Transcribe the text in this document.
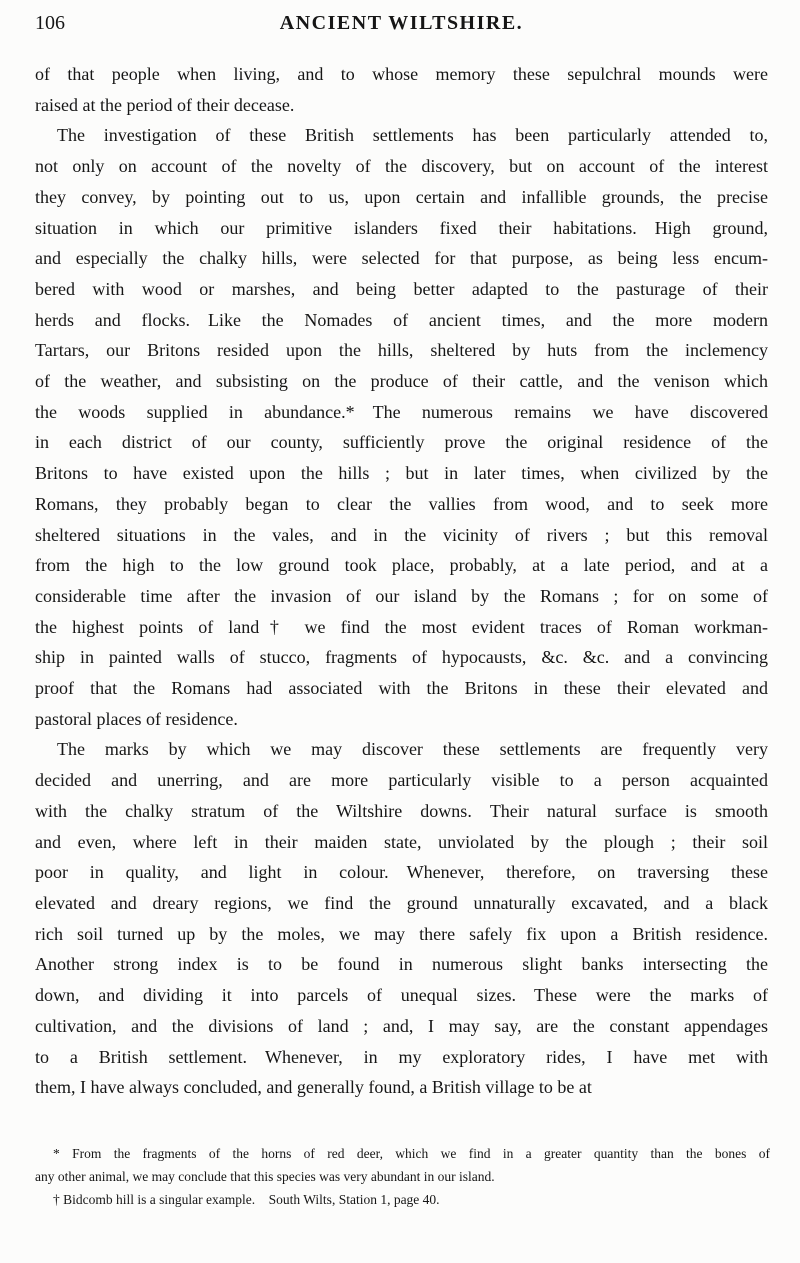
106	ANCIENT WILTSHIRE.
of that people when living, and to whose memory these sepulchral mounds were
raised at the period of their decease.
The investigation of these British settlements has been particularly attended to,
not only on account of the novelty of the discovery, but on account of the interest
they convey, by pointing out to us, upon certain and infallible grounds, the precise
situation in which our primitive islanders fixed their habitations. High ground,
and especially the chalky hills, were selected for that purpose, as being less encum-
bered with wood or marshes, and being better adapted to the pasturage of their
herds and flocks. Like the Nomades of ancient times, and the more modern
Tartars, our Britons resided upon the hills, sheltered by huts from the inclemency
of the weather, and subsisting on the produce of their cattle, and the venison which
the woods supplied in abundance.* The numerous remains we have discovered
in each district of our county, sufficiently prove the original residence of the
Britons to have existed upon the hills ; but in later times, when civilized by the
Romans, they probably began to clear the vallies from wood, and to seek more
sheltered situations in the vales, and in the vicinity of rivers ; but this removal
from the high to the low ground took place, probably, at a late period, and at a
considerable time after the invasion of our island by the Romans ; for on some of
the highest points of land† we find the most evident traces of Roman workman-
ship in painted walls of stucco, fragments of hypocausts, &c. &c. and a convincing
proof that the Romans had associated with the Britons in these their elevated and
pastoral places of residence.
The marks by which we may discover these settlements are frequently very
decided and unerring, and are more particularly visible to a person acquainted
with the chalky stratum of the Wiltshire downs. Their natural surface is smooth
and even, where left in their maiden state, unviolated by the plough ; their soil
poor in quality, and light in colour. Whenever, therefore, on traversing these
elevated and dreary regions, we find the ground unnaturally excavated, and a black
rich soil turned up by the moles, we may there safely fix upon a British residence.
Another strong index is to be found in numerous slight banks intersecting the
down, and dividing it into parcels of unequal sizes. These were the marks of
cultivation, and the divisions of land ; and, I may say, are the constant appendages
to a British settlement. Whenever, in my exploratory rides, I have met with
them, I have always concluded, and generally found, a British village to be at
* From the fragments of the horns of red deer, which we find in a greater quantity than the bones of
any other animal, we may conclude that this species was very abundant in our island.
† Bidcomb hill is a singular example. South Wilts, Station 1, page 40.
